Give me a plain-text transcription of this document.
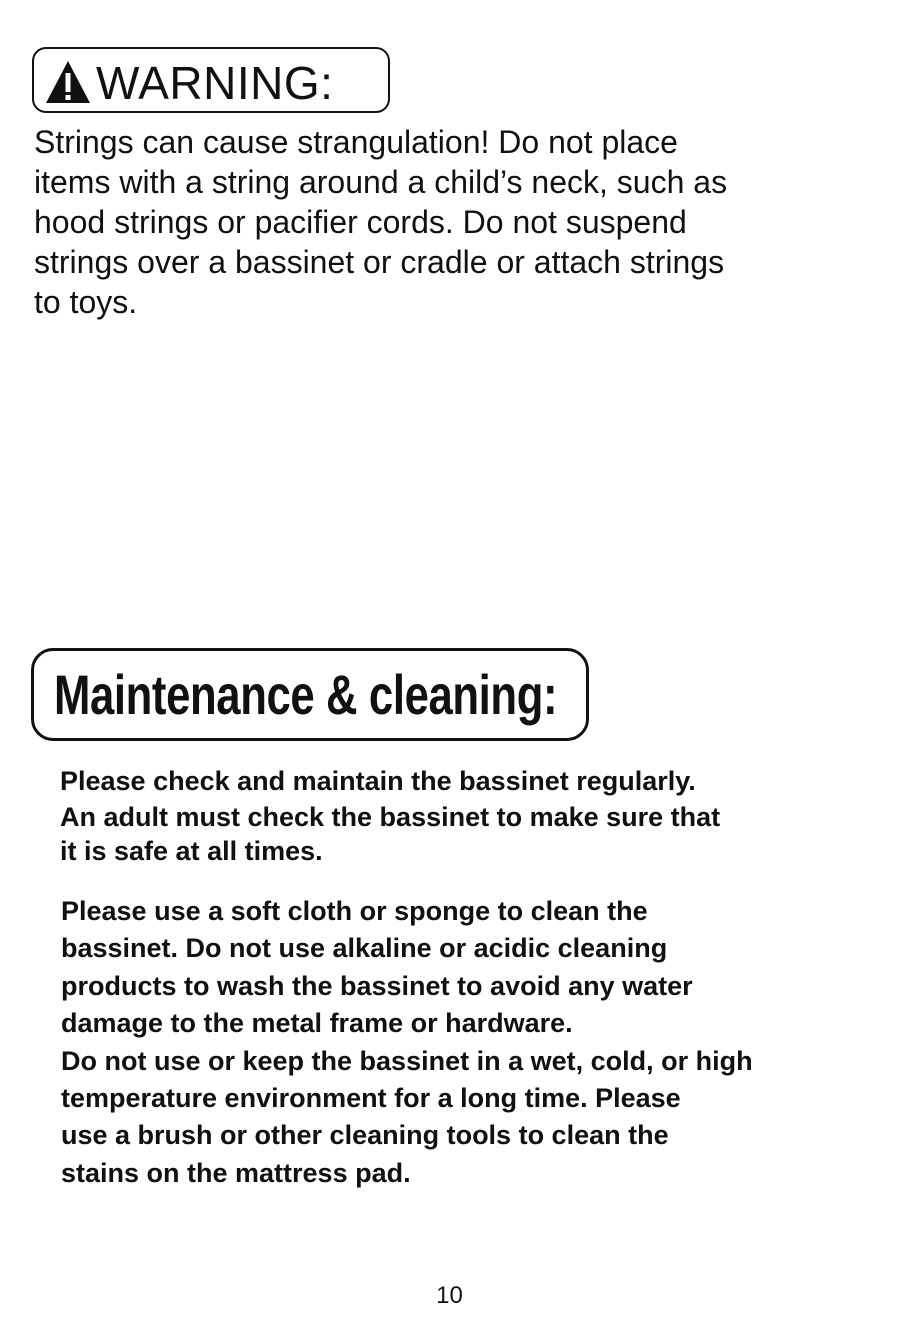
WARNING:
Strings can cause strangulation! Do not place
items with a string around a child’s neck, such as
hood strings or pacifier cords. Do not suspend
strings over a bassinet or cradle or attach strings
to toys.
Maintenance & cleaning:
Please check and maintain the bassinet regularly.
An adult must check the bassinet to make sure that
it is safe at all times.
Please use a soft cloth or sponge to clean the
bassinet. Do not use alkaline or acidic cleaning
products to wash the bassinet to avoid any water
damage to the metal frame or hardware.
Do not use or keep the bassinet in a wet, cold, or high
temperature environment for a long time. Please
use a brush or other cleaning tools to clean the
stains on the mattress pad.
10
